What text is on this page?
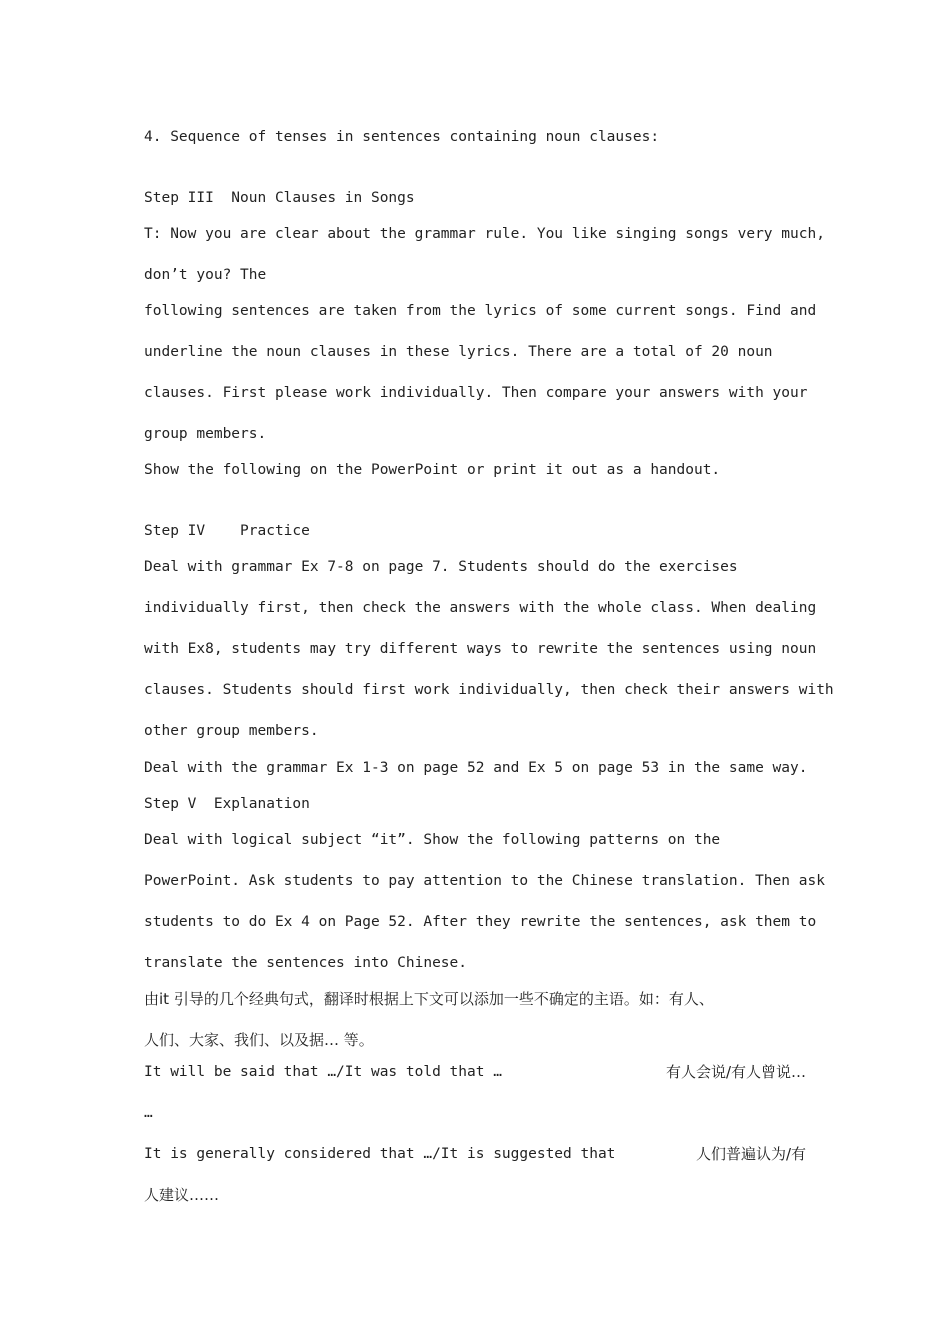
4. Sequence of tenses in sentences containing noun clauses:

Step III  Noun Clauses in Songs

T: Now you are clear about the grammar rule. You like singing songs very much,

don’t you? The

following sentences are taken from the lyrics of some current songs. Find and

underline the noun clauses in these lyrics. There are a total of 20 noun

clauses. First please work individually. Then compare your answers with your

group members.

Show the following on the PowerPoint or print it out as a handout.

Step IV    Practice

Deal with grammar Ex 7-8 on page 7. Students should do the exercises

individually first, then check the answers with the whole class. When dealing

with Ex8, students may try different ways to rewrite the sentences using noun

clauses. Students should first work individually, then check their answers with

other group members.

Deal with the grammar Ex 1-3 on page 52 and Ex 5 on page 53 in the same way.

Step V  Explanation

Deal with logical subject “it”. Show the following patterns on the

PowerPoint. Ask students to pay attention to the Chinese translation. Then ask

students to do Ex 4 on Page 52. After they rewrite the sentences, ask them to

translate the sentences into Chinese.

由it 引导的几个经典句式，翻译时根据上下文可以添加一些不确定的主语。如：有人、

人们、大家、我们、以及据… 等。

It will be said that …/It was told that …	有人会说/有人曾说…

…

It is generally considered that …/It is suggested that	人们普遍认为/有

人建议……
